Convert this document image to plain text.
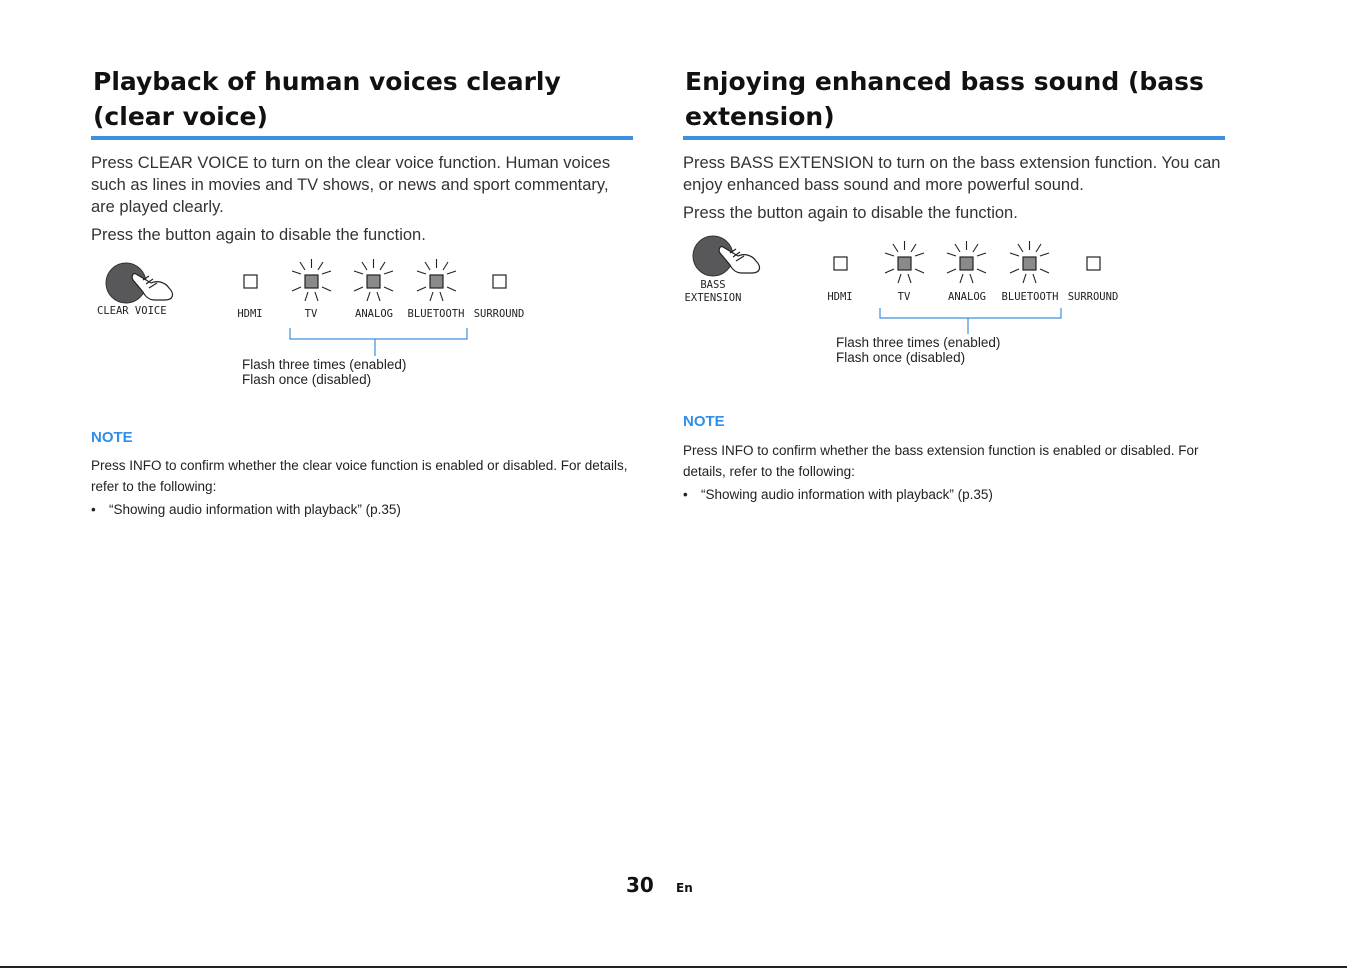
Playback of human voices clearly (clear voice)

Press CLEAR VOICE to turn on the clear voice function. Human voices such as lines in movies and TV shows, or news and sport commentary, are played clearly.

Press the button again to disable the function.

CLEAR VOICE	HDMI	TV	ANALOG BLUETOOTH SURROUND
Flash three times (enabled)
Flash once (disabled)

NOTE

Press INFO to confirm whether the clear voice function is enabled or disabled. For details, refer to the following:

• “Showing audio information with playback” (p.35)

Enjoying enhanced bass sound (bass extension)

Press BASS EXTENSION to turn on the bass extension function. You can enjoy enhanced bass sound and more powerful sound.

Press the button again to disable the function.

BASS
EXTENSION	HDMI	TV	ANALOG BLUETOOTH SURROUND
Flash three times (enabled)
Flash once (disabled)

NOTE

Press INFO to confirm whether the bass extension function is enabled or disabled. For details, refer to the following:

• “Showing audio information with playback” (p.35)

30 En
